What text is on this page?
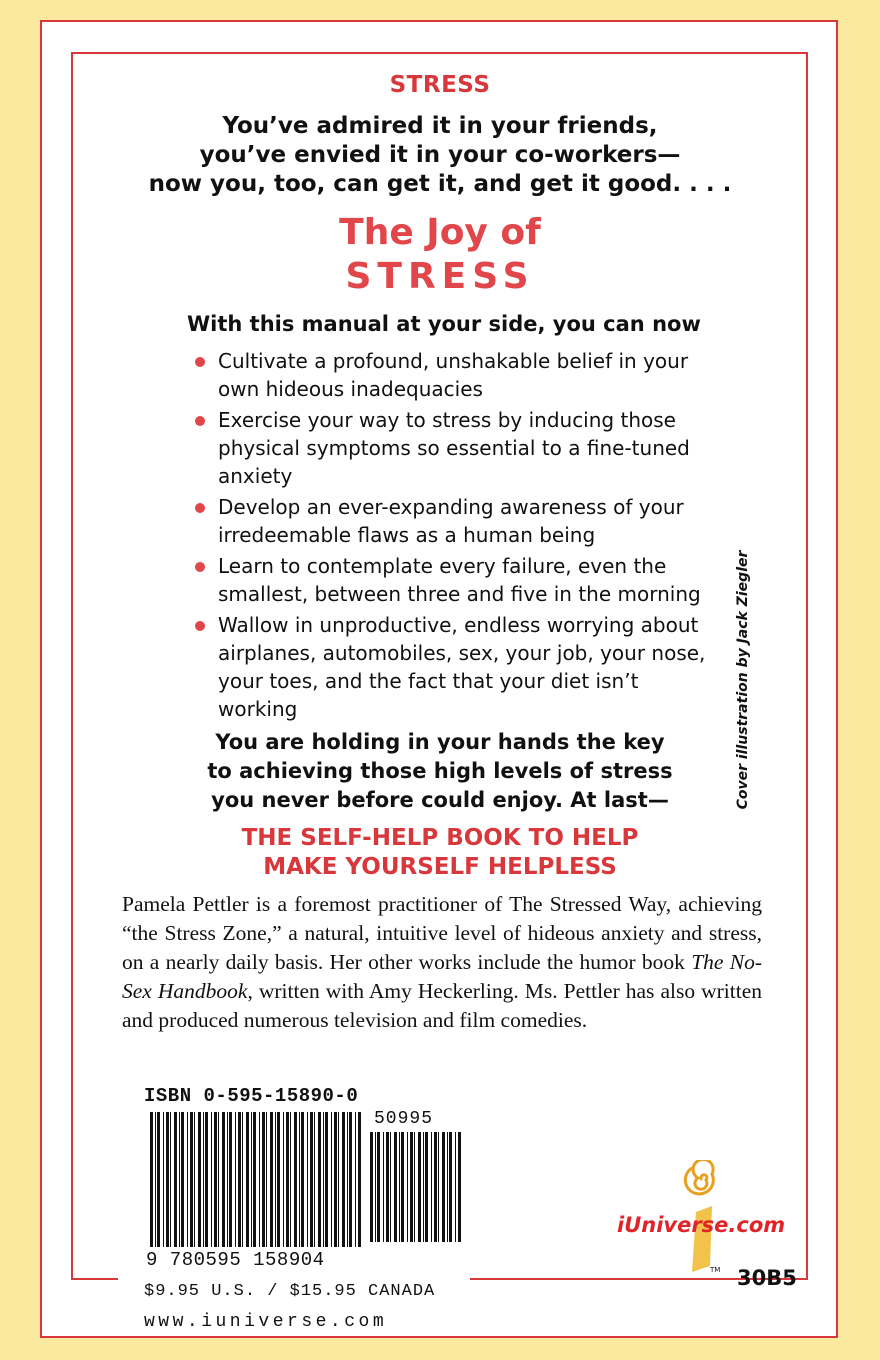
STRESS

You’ve admired it in your friends,
you’ve envied it in your co-workers—
now you, too, can get it, and get it good. . . .

The Joy of

STRESS

With this manual at your side, you can now

Cultivate a profound, unshakable belief in your own hideous inadequacies
Exercise your way to stress by inducing those physical symptoms so essential to a fine-tuned anxiety
Develop an ever-expanding awareness of your irredeemable flaws as a human being
Learn to contemplate every failure, even the smallest, between three and five in the morning
Wallow in unproductive, endless worrying about airplanes, automobiles, sex, your job, your nose, your toes, and the fact that your diet isn’t working

You are holding in your hands the key
to achieving those high levels of stress
you never before could enjoy. At last—

THE SELF-HELP BOOK TO HELP
MAKE YOURSELF HELPLESS

Pamela Pettler is a foremost practitioner of The Stressed Way, achieving “the Stress Zone,” a natural, intuitive level of hideous anxiety and stress, on a nearly daily basis. Her other works include the humor book The No-Sex Handbook, written with Amy Heckerling. Ms. Pettler has also written and produced numerous television and film comedies.

Cover illustration by Jack Ziegler
ISBN 0-595-15890-0
50995
9 780595 158904
$9.95 U.S. / $15.95 CANADA
www.iuniverse.com
TM
iUniverse.com
30B5
